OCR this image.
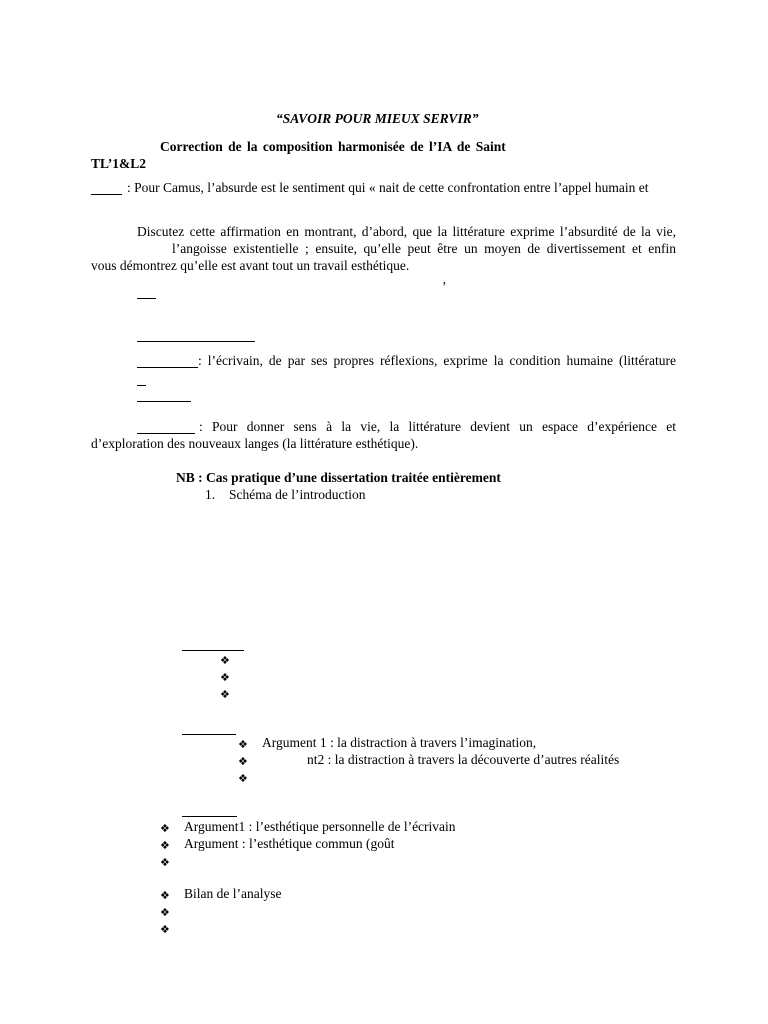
“SAVOIR POUR MIEUX SERVIR”
Correction de la composition harmonisée de l’IA de Saint
TL’1&L2
: Pour Camus, l’absurde est le sentiment qui « nait de cette confrontation entre l’appel humain et
Discutez cette affirmation en montrant, d’abord, que la littérature exprime l’absurdité de la vie,
l’angoisse existentielle ; ensuite, qu’elle peut être un moyen de divertissement et enfin
vous démontrez qu’elle est avant tout un travail esthétique.
’
: l’écrivain, de par ses propres réflexions, exprime la condition humaine (littérature
: Pour donner sens à la vie, la littérature devient un espace d’expérience et
d’exploration des nouveaux langes (la littérature esthétique).
NB : Cas pratique d’une dissertation traitée entièrement
1. Schéma de l’introduction
❖
❖
❖
❖ Argument 1 : la distraction à travers l’imagination,
❖	nt2 : la distraction à travers la découverte d’autres réalités
❖
❖ Argument1 : l’esthétique personnelle de l’écrivain
❖ Argument : l’esthétique commun (goût
❖
❖ Bilan de l’analyse
❖
❖
